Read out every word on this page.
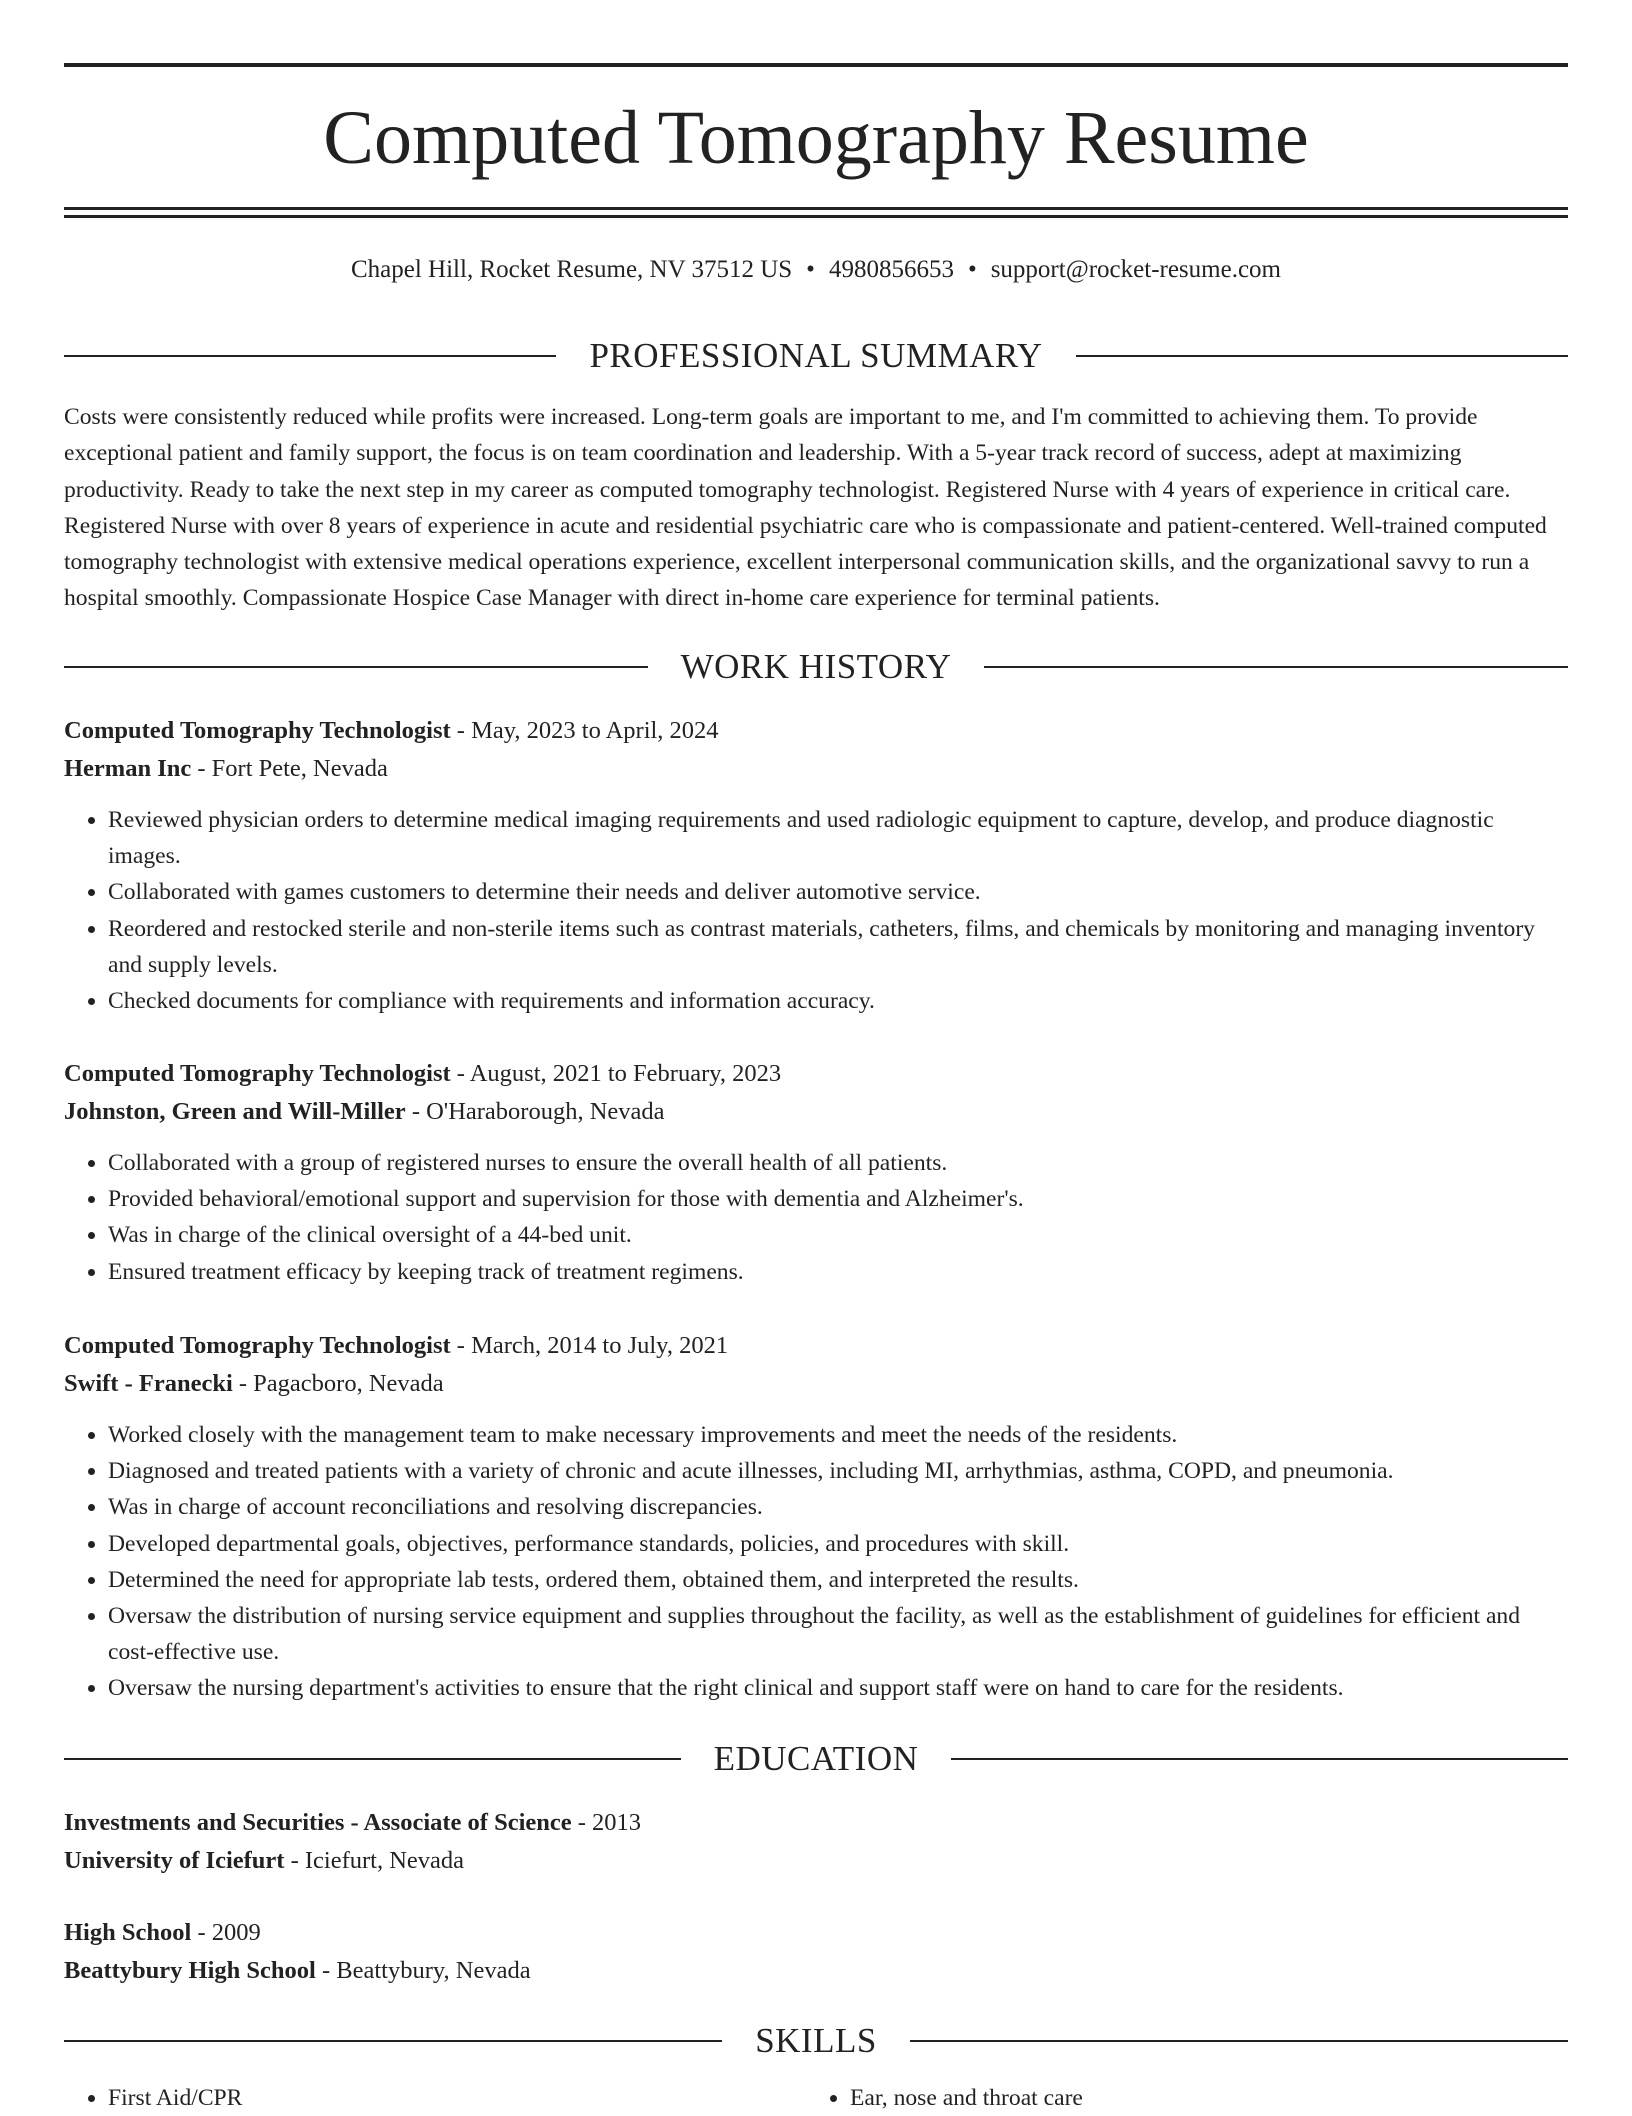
Computed Tomography Resume
Chapel Hill, Rocket Resume, NV 37512 US • 4980856653 • support@rocket-resume.com
PROFESSIONAL SUMMARY

Costs were consistently reduced while profits were increased. Long-term goals are important to me, and I'm committed to achieving them. To provide exceptional patient and family support, the focus is on team coordination and leadership. With a 5-year track record of success, adept at maximizing productivity. Ready to take the next step in my career as computed tomography technologist. Registered Nurse with 4 years of experience in critical care. Registered Nurse with over 8 years of experience in acute and residential psychiatric care who is compassionate and patient-centered. Well-trained computed tomography technologist with extensive medical operations experience, excellent interpersonal communication skills, and the organizational savvy to run a hospital smoothly. Compassionate Hospice Case Manager with direct in-home care experience for terminal patients.

WORK HISTORY
Computed Tomography Technologist - May, 2023 to April, 2024
Herman Inc - Fort Pete, Nevada
• Reviewed physician orders to determine medical imaging requirements and used radiologic equipment to capture, develop, and produce diagnostic images.
• Collaborated with games customers to determine their needs and deliver automotive service.
• Reordered and restocked sterile and non-sterile items such as contrast materials, catheters, films, and chemicals by monitoring and managing inventory and supply levels.
• Checked documents for compliance with requirements and information accuracy.
Computed Tomography Technologist - August, 2021 to February, 2023
Johnston, Green and Will-Miller - O'Haraborough, Nevada
• Collaborated with a group of registered nurses to ensure the overall health of all patients.
• Provided behavioral/emotional support and supervision for those with dementia and Alzheimer's.
• Was in charge of the clinical oversight of a 44-bed unit.
• Ensured treatment efficacy by keeping track of treatment regimens.
Computed Tomography Technologist - March, 2014 to July, 2021
Swift - Franecki - Pagacboro, Nevada
• Worked closely with the management team to make necessary improvements and meet the needs of the residents.
• Diagnosed and treated patients with a variety of chronic and acute illnesses, including MI, arrhythmias, asthma, COPD, and pneumonia.
• Was in charge of account reconciliations and resolving discrepancies.
• Developed departmental goals, objectives, performance standards, policies, and procedures with skill.
• Determined the need for appropriate lab tests, ordered them, obtained them, and interpreted the results.
• Oversaw the distribution of nursing service equipment and supplies throughout the facility, as well as the establishment of guidelines for efficient and cost-effective use.
• Oversaw the nursing department's activities to ensure that the right clinical and support staff were on hand to care for the residents.
EDUCATION
Investments and Securities - Associate of Science - 2013
University of Iciefurt - Iciefurt, Nevada
High School - 2009
Beattybury High School - Beattybury, Nevada
SKILLS
• First Aid/CPR
•	Ear, nose and throat care
